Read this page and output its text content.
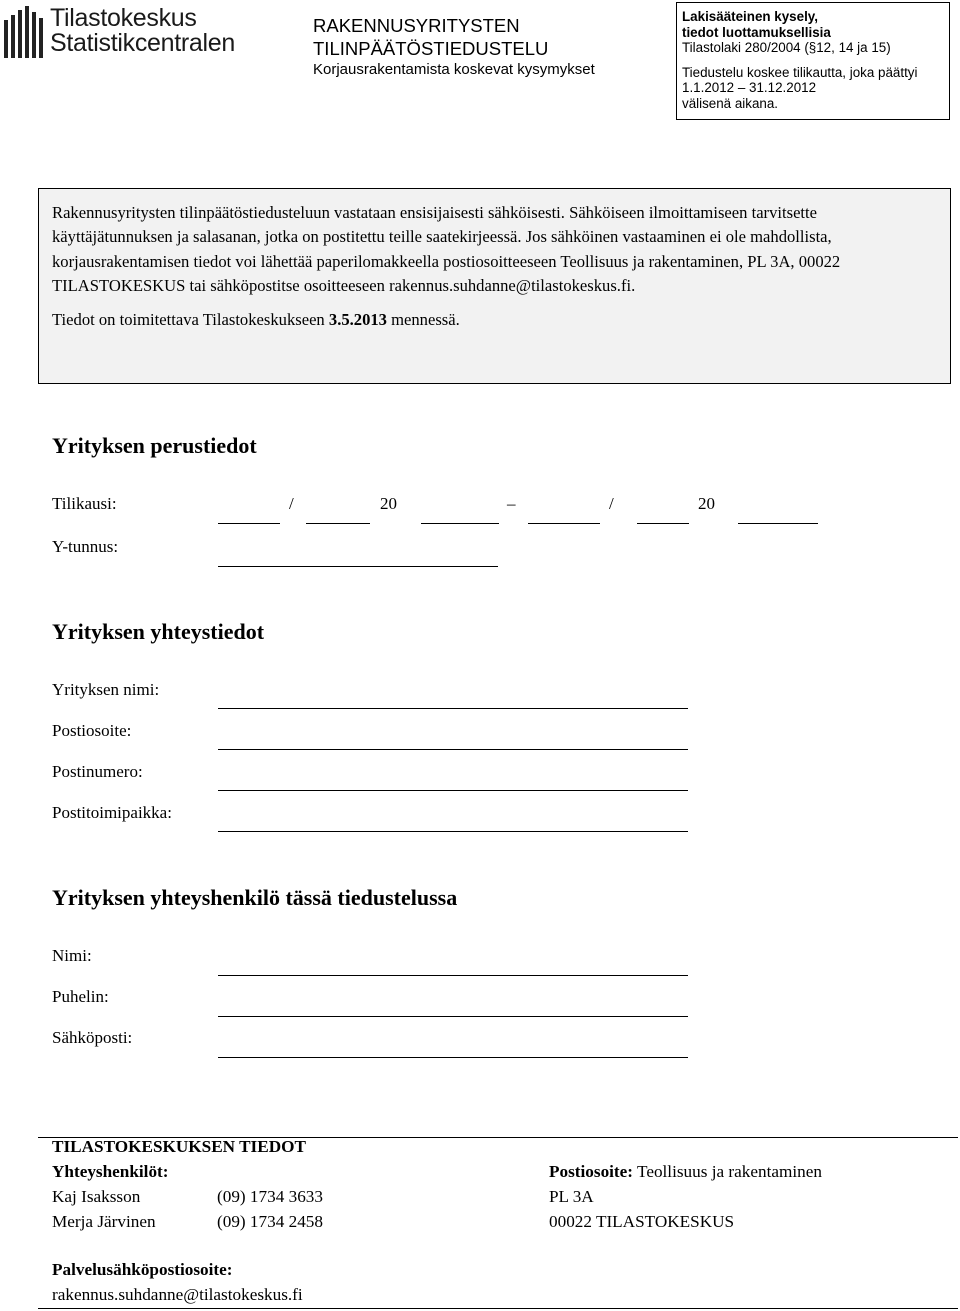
Tilastokeskus
Statistikcentralen
RAKENNUSYRITYSTEN
TILINPÄÄTÖSTIEDUSTELU
Korjausrakentamista koskevat kysymykset
Lakisääteinen kysely,
tiedot luottamuksellisia
Tilastolaki 280/2004 (§12, 14 ja 15)
Tiedustelu koskee tilikautta, joka päättyi
1.1.2012 – 31.12.2012
välisenä aikana.

Rakennusyritysten tilinpäätöstiedusteluun vastataan ensisijaisesti sähköisesti. Sähköiseen ilmoittamiseen tarvitsette käyttäjätunnuksen ja salasanan, jotka on postitettu teille saatekirjeessä. Jos sähköinen vastaaminen ei ole mahdollista, korjausrakentamisen tiedot voi lähettää paperilomakkeella postiosoitteeseen Teollisuus ja rakentaminen, PL 3A, 00022 TILASTOKESKUS tai sähköpostitse osoitteeseen rakennus.suhdanne@tilastokeskus.fi.

Tiedot on toimitettava Tilastokeskukseen 3.5.2013 mennessä.
Yrityksen perustiedot
Tilikausi:	/	20	–	/	20
Y-tunnus:
Yrityksen yhteystiedot
Yrityksen nimi:
Postiosoite:
Postinumero:
Postitoimipaikka:
Yrityksen yhteyshenkilö tässä tiedustelussa
Nimi:
Puhelin:
Sähköposti:
TILASTOKESKUKSEN TIEDOT
Yhteyshenkilöt:
Kaj Isaksson	(09) 1734 3633
Merja Järvinen	(09) 1734 2458
Postiosoite: Teollisuus ja rakentaminen
PL 3A
00022 TILASTOKESKUS
Palvelusähköpostiosoite:
rakennus.suhdanne@tilastokeskus.fi
